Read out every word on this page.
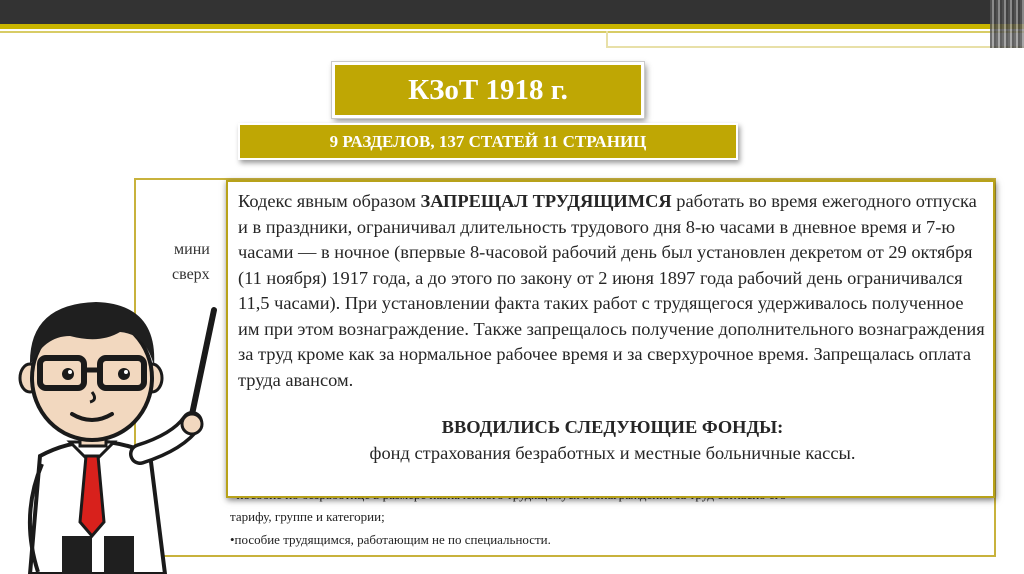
КЗоТ 1918 г.
9 РАЗДЕЛОВ, 137 СТАТЕЙ 11 СТРАНИЦ
мини
сверх
тарифу, группе и категории;
•пособие трудящимся, работающим не по специальности.

Кодекс явным образом ЗАПРЕЩАЛ ТРУДЯЩИМСЯ работать во время ежегодного отпуска и в праздники, ограничивал длительность трудового дня 8-ю часами в дневное время и 7-ю часами — в ночное (впервые 8-часовой рабочий день был установлен декретом от 29 октября (11 ноября) 1917 года, а до этого по закону от 2 июня 1897 года рабочий день ограничивался 11,5 часами). При установлении факта таких работ с трудящегося удерживалось полученное им при этом вознаграждение. Также запрещалось получение дополнительного вознаграждения за труд кроме как за нормальное рабочее время и за сверхурочное время. Запрещалась оплата труда авансом.

ВВОДИЛИСЬ СЛЕДУЮЩИЕ ФОНДЫ:

фонд страхования безработных и местные больничные кассы.
